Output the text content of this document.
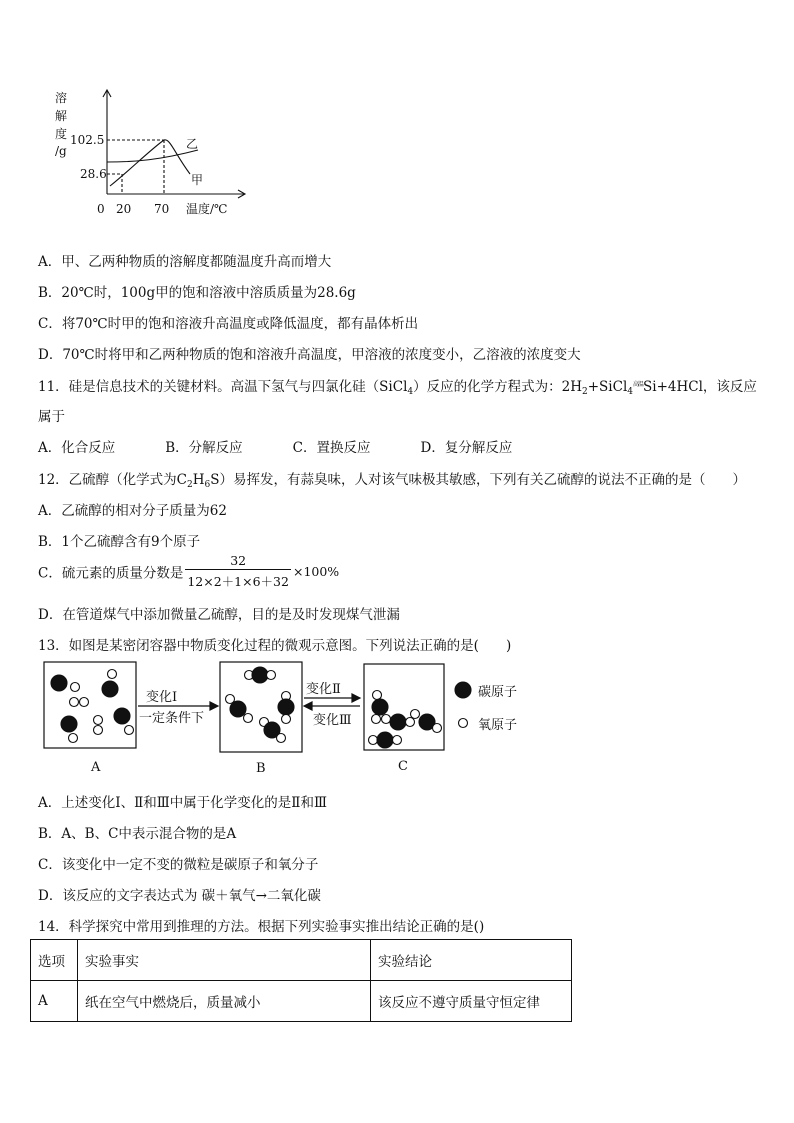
溶
解
度
/g
102.5
28.6
0 20 70 温度/℃
乙
甲
A．甲、乙两种物质的溶解度都随温度升高而增大
B．20℃时，100g甲的饱和溶液中溶质质量为28.6g
C．将70℃时甲的饱和溶液升高温度或降低温度，都有晶体析出
D．70℃时将甲和乙两种物质的饱和溶液升高温度，甲溶液的浓度变小，乙溶液的浓度变大
11．硅是信息技术的关键材料。高温下氢气与四氯化硅（SiCl$_4$）反应的化学方程式为：$2H_2+SiCl_4^{高温}Si+4HCl$，该反应
属于
A．化合反应	B．分解反应	C．置换反应	D．复分解反应
12．乙硫醇（化学式为$C_2H_6S$）易挥发，有蒜臭味，人对该气味极其敏感，下列有关乙硫醇的说法不正确的是（　　）
A．乙硫醇的相对分子质量为62
B．1个乙硫醇含有9个原子
C．硫元素的质量分数是 $\frac{32}{12\times 2+1\times 6+32} \times 100\%$
D．在管道煤气中添加微量乙硫醇，目的是及时发现煤气泄漏
13．如图是某密闭容器中物质变化过程的微观示意图。下列说法正确的是(　　)
变化Ⅰ
一定条件下
变化Ⅱ
变化Ⅲ
A	B	C
碳原子
氧原子
A．上述变化Ⅰ、Ⅱ和Ⅲ中属于化学变化的是Ⅱ和Ⅲ
B．A、B、C中表示混合物的是A
C．该变化中一定不变的微粒是碳原子和氧分子
D．该反应的文字表达式为 碳＋氧气→二氧化碳
14．科学探究中常用到推理的方法。根据下列实验事实推出结论正确的是()
选项	实验事实	实验结论
A	纸在空气中燃烧后，质量减小	该反应不遵守质量守恒定律
